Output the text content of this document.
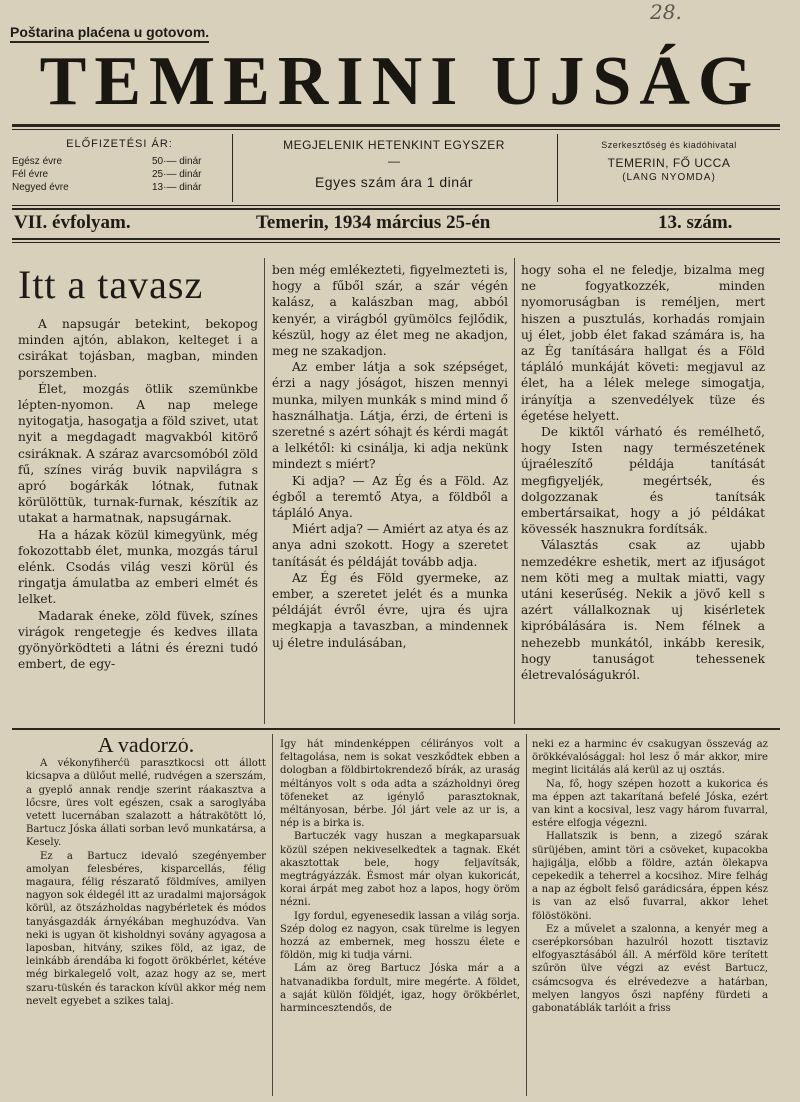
28.
Poštarina plaćena u gotovom.
TEMERINI UJSÁG
ELŐFIZETÉSI ÁR:
Egész évre	50·— dinár
Fél évre	25·— dinár
Negyed évre	13·— dinár
MEGJELENIK HETENKINT EGYSZER
—
Egyes szám ára 1 dinár
Szerkesztőség és kiadóhivatal
TEMERIN, FŐ UCCA
(LANG NYOMDA)
VII. évfolyam.	Temerin, 1934 március 25-én	13. szám.
Itt a tavasz

A napsugár betekint, bekopog minden ajtón, ablakon, kelteget i a csirákat tojásban, magban, minden porszemben.

Élet, mozgás ötlik szemünkbe lépten-nyomon. A nap melege nyitogatja, hasogatja a föld szivet, utat nyit a megdagadt magvakból kitörő csiráknak. A száraz avarcsomóból zöld fű, színes virág buvik napvilágra s apró bogárkák lótnak, futnak körülöttük, turnak-furnak, készítik az utakat a harmatnak, napsugárnak.

Ha a házak közül kimegyünk, még fokozottabb élet, munka, mozgás tárul elénk. Csodás világ veszi körül és ringatja ámulatba az emberi elmét és lelket.

Madarak éneke, zöld füvek, színes virágok rengetegje és kedves illata gyönyörködteti a látni és érezni tudó embert, de egy-

ben még emlékezteti, figyelmezteti is, hogy a fűből szár, a szár végén kalász, a kalászban mag, abból kenyér, a virágból gyümölcs fejlődik, készül, hogy az élet meg ne akadjon, meg ne szakadjon.

Az ember látja a sok szépséget, érzi a nagy jóságot, hiszen mennyi munka, milyen munkák s mind mind ő használhatja. Látja, érzi, de érteni is szeretné s azért sóhajt és kérdi magát a lelkétől: ki csinálja, ki adja nekünk mindezt s miért?

Ki adja? — Az Ég és a Föld. Az égből a teremtő Atya, a földből a tápláló Anya.

Miért adja? — Amiért az atya és az anya adni szokott. Hogy a szeretet tanítását és példáját tovább adja.

Az Ég és Föld gyermeke, az ember, a szeretet jelét és a munka példáját évről évre, ujra és ujra megkapja a tavaszban, a mindennek uj életre indulásában,

hogy soha el ne feledje, bizalma meg ne fogyatkozzék, minden nyomoruságban is reméljen, mert hiszen a pusztulás, korhadás romjain uj élet, jobb élet fakad számára is, ha az Ég tanítására hallgat és a Föld tápláló munkáját követi: megjavul az élet, ha a lélek melege simogatja, irányítja a szenvedélyek tüze és égetése helyett.

De kiktől várható és remélhető, hogy Isten nagy természetének újraéleszítő példája tanítását megfigyeljék, megértsék, és dolgozzanak és tanítsák embertársaikat, hogy a jó példákat kövessék hasznukra fordítsák.

Választás csak az ujabb nemzedékre eshetik, mert az ifjuságot nem köti meg a multak miatti, vagy utáni keserűség. Nekik a jövő kell s azért vállalkoznak uj kisérletek kipróbálására is. Nem félnek a nehezebb munkától, inkább keresik, hogy tanuságot tehessenek életrevalóságukról.

A vadorzó.

A vékonyfiherćü parasztkocsi ott állott kicsapva a dülőut mellé, rudvégen a szerszám, a gyeplő annak rendje szerint ráakasztva a lőcsre, üres volt egészen, csak a saroglyába vetett lucernában szalazott a hátrakötött ló, Bartucz Jóska állati sorban levő munkatársa, a Kesely.

Ez a Bartucz idevaló szegényember amolyan felesbéres, kisparcellás, félig magaura, félig részaratő földmíves, amilyen nagyon sok éldegél itt az uradalmi majorságok körül, az ötszázholdas nagybérletek és módos tanyásgazdák árnyékában meghuzódva. Van neki is ugyan öt kisholdnyi sovány agyagosa a laposban, hitvány, szikes föld, az igaz, de leinkább árendába ki fogott örökbérlet, kétéve még birkalegelő volt, azaz hogy az se, mert szaru-tüskén és tarackon kívül akkor még nem nevelt egyebet a szikes talaj.

Igy hát mindenképpen célirányos volt a feltagolása, nem is sokat veszkődtek ebben a dologban a földbirtokrendező bírák, az uraság méltányos volt s oda adta a százholdnyi öreg töfeneket az igénylő parasztoknak, méltányosan, bérbe. Jól járt vele az ur is, a nép is a birka is.

Bartuczék vagy huszan a megkaparsuak közül szépen nekiveselkedtek a tagnak. Ekét akasztottak bele, hogy feljavítsák, megtrágyázzák. Ésmost már olyan kukoricát, korai árpát meg zabot hoz a lapos, hogy öröm nézni.

Igy fordul, egyenesedik lassan a világ sorja. Szép dolog ez nagyon, csak türelme is legyen hozzá az embernek, meg hosszu élete e földön, mig ki tudja várni.

Lám az öreg Bartucz Jóska már a a hatvanadikba fordult, mire megérte. A földet, a saját külön földjét, igaz, hogy örökbérlet, harmincesztendős, de

neki ez a harminc év csakugyan összevág az örökkévalósággal: hol lesz ő már akkor, mire megint licitálás alá kerül az uj osztás.

Na, fő, hogy szépen hozott a kukorica és ma éppen azt takarítaná befelé Jóska, ezért van kint a kocsival, lesz vagy három fuvarral, estére elfogja végezni.

Hallatszik is benn, a zizegő szárak sürüjében, amint töri a csöveket, kupacokba hajigálja, előbb a földre, aztán ölekapva cepekedik a teherrel a kocsihoz. Mire felhág a nap az égbolt felső garádicsára, éppen kész is van az első fuvarral, akkor lehet fölöstököni.

Ez a művelet a szalonna, a kenyér meg a cserépkorsóban hazulról hozott tisztaviz elfogyasztásából áll. A mérföld köre terített szűrön ülve végzi az evést Bartucz, csámcsogva és elrévedezve a határban, melyen langyos őszi napfény fürdeti a gabonatáblák tarlóit a friss
